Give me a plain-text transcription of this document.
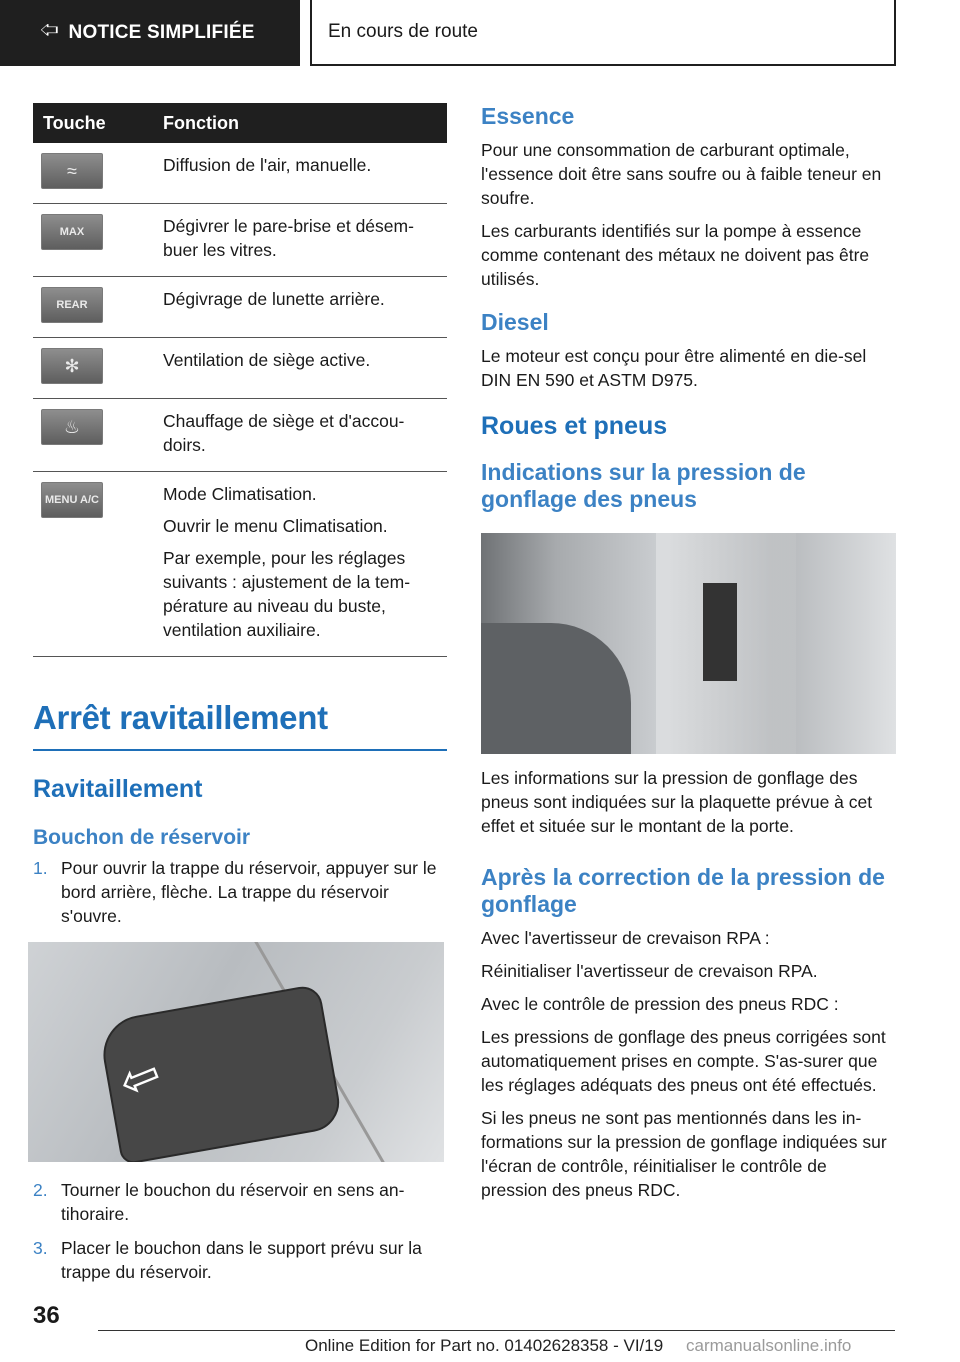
🢦 NOTICE SIMPLIFIÉE	En cours de route
Touche	Fonction

≈	Diffusion de l'air, manuelle.

MAX	Dégivrer le pare-brise et désem-buer les vitres.

REAR	Dégivrage de lunette arrière.

✻	Ventilation de siège active.

♨	Chauffage de siège et d'accou-doirs.

MENU A/C	Mode Climatisation.

Ouvrir le menu Climatisation.

Par exemple, pour les réglages suivants : ajustement de la tem-pérature au niveau du buste, ventilation auxiliaire.

Arrêt ravitaillement
Ravitaillement
Bouchon de réservoir
1. Pour ouvrir la trappe du réservoir, appuyer sur le bord arrière, flèche. La trappe du réservoir s'ouvre.
⇦
2. Tourner le bouchon du réservoir en sens an-tihoraire.
3. Placer le bouchon dans le support prévu sur la trappe du réservoir.
Essence

Pour une consommation de carburant optimale, l'essence doit être sans soufre ou à faible teneur en soufre.

Les carburants identifiés sur la pompe à essence comme contenant des métaux ne doivent pas être utilisés.

Diesel

Le moteur est conçu pour être alimenté en die-sel DIN EN 590 et ASTM D975.

Roues et pneus
Indications sur la pression de gonflage des pneus

Les informations sur la pression de gonflage des pneus sont indiquées sur la plaquette prévue à cet effet et située sur le montant de la porte.

Après la correction de la pression de gonflage

Avec l'avertisseur de crevaison RPA :

Réinitialiser l'avertisseur de crevaison RPA.

Avec le contrôle de pression des pneus RDC :

Les pressions de gonflage des pneus corrigées sont automatiquement prises en compte. S'as-surer que les réglages adéquats des pneus ont été effectués.

Si les pneus ne sont pas mentionnés dans les in-formations sur la pression de gonflage indiquées sur l'écran de contrôle, réinitialiser le contrôle de pression des pneus RDC.

36
Online Edition for Part no. 01402628358 - VI/19 carmanualsonline.info
